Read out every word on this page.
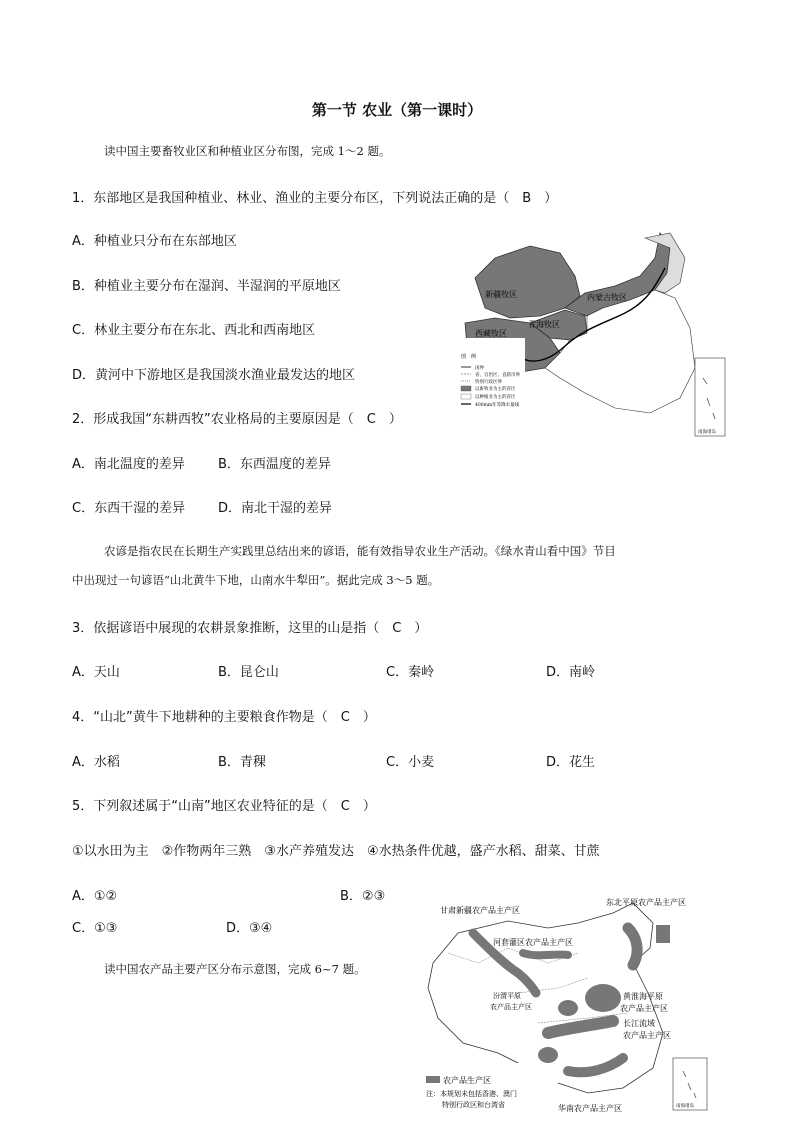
第一节 农业（第一课时）
读中国主要畜牧业区和种植业区分布图，完成 1～2 题。
1．东部地区是我国种植业、林业、渔业的主要分布区，下列说法正确的是（　B　）
A．种植业只分布在东部地区
B．种植业主要分布在湿润、半湿润的平原地区
C．林业主要分布在东北、西北和西南地区
D．黄河中下游地区是我国淡水渔业最发达的地区
2．形成我国“东耕西牧”农业格局的主要原因是（　C　）
A．南北温度的差异	B．东西温度的差异
C．东西干湿的差异	D．南北干湿的差异
农谚是指农民在长期生产实践里总结出来的谚语，能有效指导农业生产活动。《绿水青山看中国》节目
中出现过一句谚语“山北黄牛下地，山南水牛犁田”。据此完成 3～5 题。
3．依据谚语中展现的农耕景象推断，这里的山是指（　C　）
A．天山	B．昆仑山	C．秦岭	D．南岭
4．“山北”黄牛下地耕种的主要粮食作物是（　C　）
A．水稻	B．青稞	C．小麦	D．花生
5．下列叙述属于“山南”地区农业特征的是（　C　）
①以水田为主　②作物两年三熟　③水产养殖发达　④水热条件优越，盛产水稻、甜菜、甘蔗
A．①②	B．②③
C．①③	D．③④
读中国农产品主要产区分布示意图，完成 6~7 题。
新疆牧区
西藏牧区
青海牧区
内蒙古牧区
图　例
国界
省、自治区、直辖市界
特别行政区界
以畜牧业为主的省区
以种植业为主的省区
400mm年等降水量线
南海诸岛
甘肃新疆农产品主产区
东北平原农产品主产区
河套灌区农产品主产区
黄淮海平原
农产品主产区
汾渭平原
农产品主产区
长江流域
农产品主产区
华南农产品主产区
农产品生产区
注：本规划未包括香港、澳门
特别行政区和台湾省	南海诸岛
